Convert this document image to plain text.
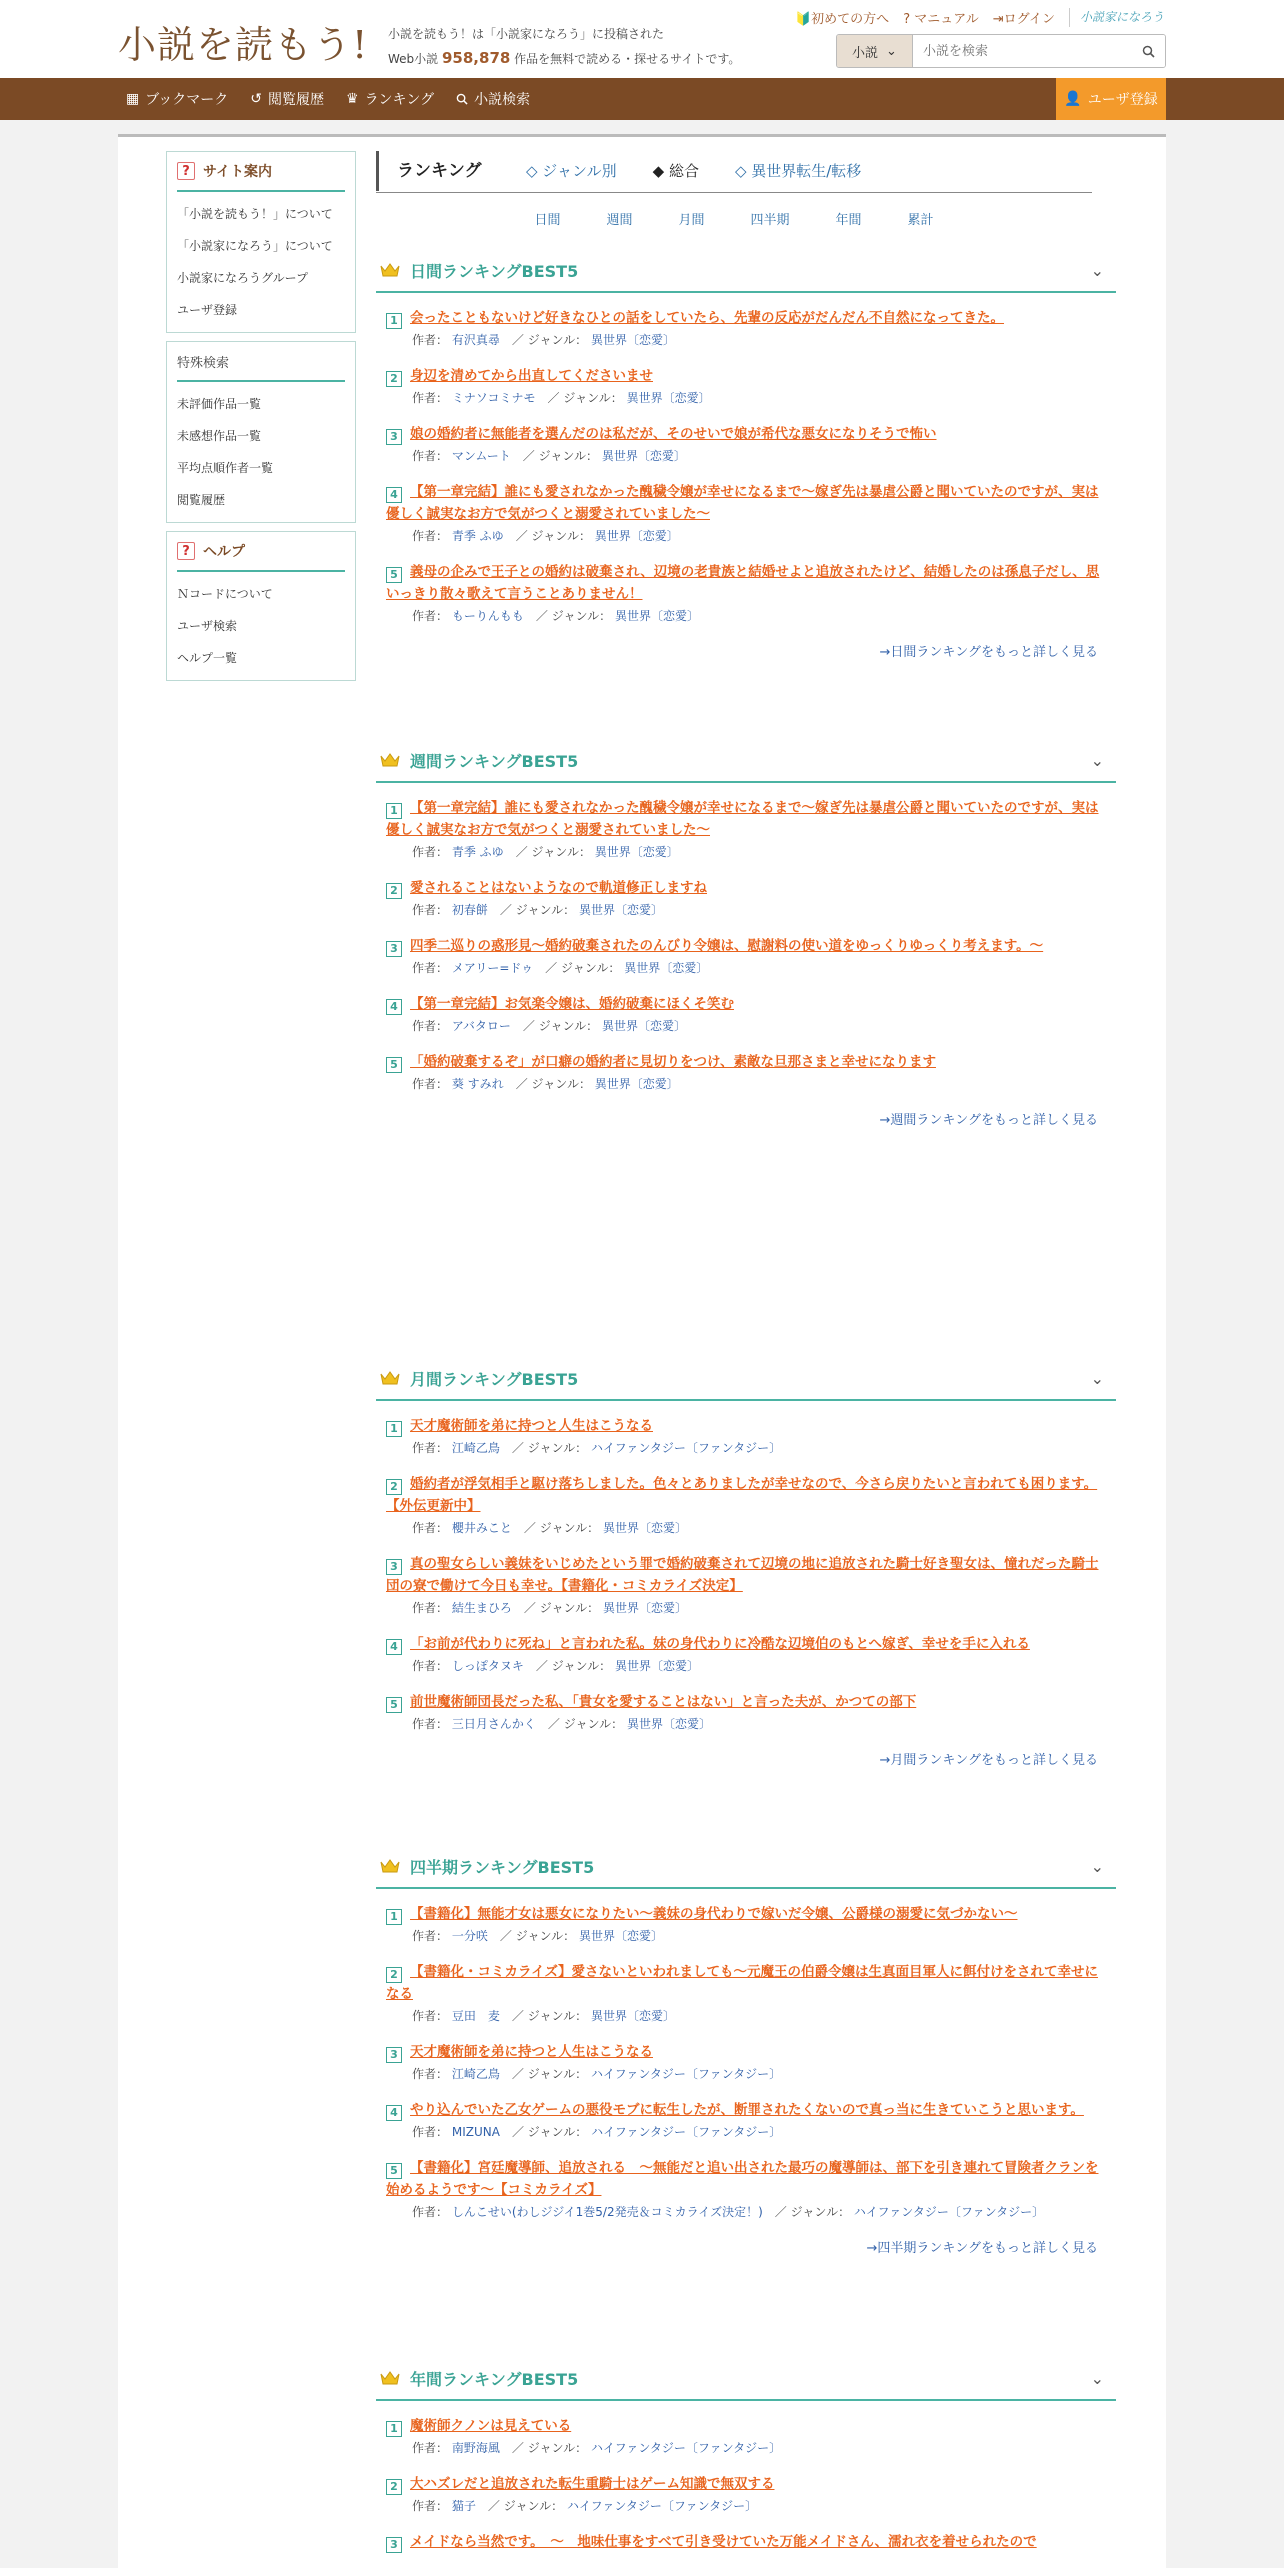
小説を読もう! 小説を読もう！は「小説家になろう」に投稿された
Web小説 958,878 作品を無料で読める・探せるサイトです。
🔰初めての方へ ? マニュアル ⇥ログイン	小説家になろう
小説 ⌄
小説を検索
▦ ブックマーク ↺ 閲覧履歴 ♛ ランキング	小説検索	👤 ユーザ登録
? サイト案内
「小説を読もう！」について
「小説家になろう」について
小説家になろうグループ
ユーザ登録
特殊検索
未評価作品一覧
未感想作品一覧
平均点順作者一覧
閲覧履歴
? ヘルプ
Ｎコードについて
ユーザ検索
ヘルプ一覧
ランキング	◇ ジャンル別 ◆ 総合 ◇ 異世界転生/転移
日間	週間	月間	四半期	年間	累計
日間ランキングBEST5	⌄
1 会ったこともないけど好きなひとの話をしていたら、先輩の反応がだんだん不自然になってきた。
作者： 有沢真尋　 ／ ジャンル： 異世界〔恋愛〕
2 身辺を清めてから出直してくださいませ
作者： ミナソコミナモ　 ／ ジャンル： 異世界〔恋愛〕
3 娘の婚約者に無能者を選んだのは私だが、そのせいで娘が希代な悪女になりそうで怖い
作者： マンムート　 ／ ジャンル： 異世界〔恋愛〕
4 【第一章完結】誰にも愛されなかった醜穢令嬢が幸せになるまで〜嫁ぎ先は暴虐公爵と聞いていたのですが、実は優しく誠実なお方で気がつくと溺愛されていました〜
作者： 青季 ふゆ　 ／ ジャンル： 異世界〔恋愛〕
5 義母の企みで王子との婚約は破棄され、辺境の老貴族と結婚せよと追放されたけど、結婚したのは孫息子だし、思いっきり散々歌えて言うことありません！
作者： もーりんもも　 ／ ジャンル： 異世界〔恋愛〕
→日間ランキングをもっと詳しく見る
週間ランキングBEST5	⌄
1 【第一章完結】誰にも愛されなかった醜穢令嬢が幸せになるまで〜嫁ぎ先は暴虐公爵と聞いていたのですが、実は優しく誠実なお方で気がつくと溺愛されていました〜
作者： 青季 ふゆ　 ／ ジャンル： 異世界〔恋愛〕
2 愛されることはないようなので軌道修正しますね
作者： 初春餅　 ／ ジャンル： 異世界〔恋愛〕
3 四季二巡りの惑形見〜婚約破棄されたのんびり令嬢は、慰謝料の使い道をゆっくりゆっくり考えます。〜
作者： メアリー=ドゥ　 ／ ジャンル： 異世界〔恋愛〕
4 【第一章完結】お気楽令嬢は、婚約破棄にほくそ笑む
作者： アバタロー　 ／ ジャンル： 異世界〔恋愛〕
5 「婚約破棄するぞ」が口癖の婚約者に見切りをつけ、素敵な旦那さまと幸せになります
作者： 葵 すみれ　 ／ ジャンル： 異世界〔恋愛〕
→週間ランキングをもっと詳しく見る
月間ランキングBEST5	⌄
1 天才魔術師を弟に持つと人生はこうなる
作者： 江崎乙鳥　 ／ ジャンル： ハイファンタジー〔ファンタジー〕
2 婚約者が浮気相手と駆け落ちしました。色々とありましたが幸せなので、今さら戻りたいと言われても困ります。【外伝更新中】
作者： 櫻井みこと　 ／ ジャンル： 異世界〔恋愛〕
3 真の聖女らしい義妹をいじめたという罪で婚約破棄されて辺境の地に追放された騎士好き聖女は、憧れだった騎士団の寮で働けて今日も幸せ。【書籍化・コミカライズ決定】
作者： 結生まひろ　 ／ ジャンル： 異世界〔恋愛〕
4 「お前が代わりに死ね」と言われた私。妹の身代わりに冷酷な辺境伯のもとへ嫁ぎ、幸せを手に入れる
作者： しっぽタヌキ　 ／ ジャンル： 異世界〔恋愛〕
5 前世魔術師団長だった私、「貴女を愛することはない」と言った夫が、かつての部下
作者： 三日月さんかく　 ／ ジャンル： 異世界〔恋愛〕
→月間ランキングをもっと詳しく見る
四半期ランキングBEST5	⌄
1 【書籍化】無能才女は悪女になりたい～義妹の身代わりで嫁いだ令嬢、公爵様の溺愛に気づかない～
作者： 一分咲　 ／ ジャンル： 異世界〔恋愛〕
2 【書籍化・コミカライズ】愛さないといわれましても～元魔王の伯爵令嬢は生真面目軍人に餌付けをされて幸せになる
作者： 豆田　麦　 ／ ジャンル： 異世界〔恋愛〕
3 天才魔術師を弟に持つと人生はこうなる
作者： 江崎乙鳥　 ／ ジャンル： ハイファンタジー〔ファンタジー〕
4 やり込んでいた乙女ゲームの悪役モブに転生したが、断罪されたくないので真っ当に生きていこうと思います。
作者： MIZUNA　 ／ ジャンル： ハイファンタジー〔ファンタジー〕
5 【書籍化】宮廷魔導師、追放される　～無能だと追い出された最巧の魔導師は、部下を引き連れて冒険者クランを始めるようです～【コミカライズ】
作者： しんこせい(わしジジイ1巻5/2発売＆コミカライズ決定！)　 ／ ジャンル： ハイファンタジー〔ファンタジー〕
→四半期ランキングをもっと詳しく見る
年間ランキングBEST5	⌄
1 魔術師クノンは見えている
作者： 南野海風　 ／ ジャンル： ハイファンタジー〔ファンタジー〕
2 大ハズレだと追放された転生重騎士はゲーム知識で無双する
作者： 猫子　 ／ ジャンル： ハイファンタジー〔ファンタジー〕
3 メイドなら当然です。　～　地味仕事をすべて引き受けていた万能メイドさん、濡れ衣を着せられたので
